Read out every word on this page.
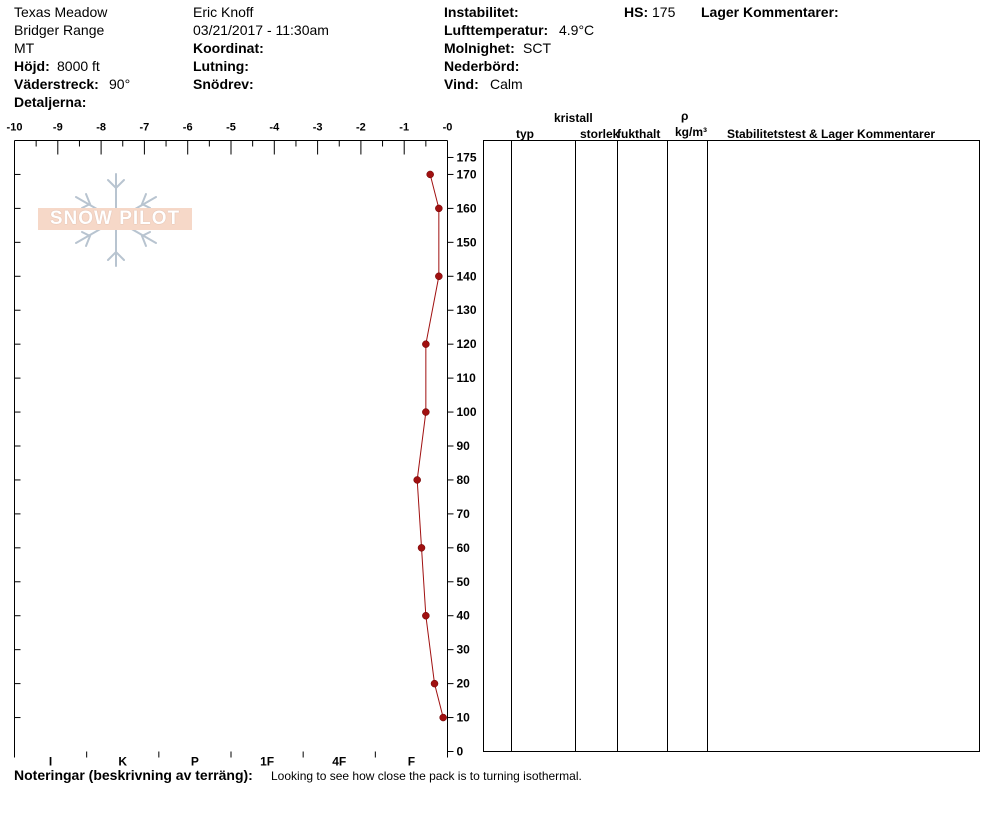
Texas Meadow
Bridger Range
MT
Höjd: 8000 ft
Väderstreck: 90°
Detaljerna:
Eric Knoff
03/21/2017 - 11:30am
Koordinat:
Lutning:
Snödrev:
Instabilitet:
Lufttemperatur: 4.9°C
Molnighet: SCT
Nederbörd:
Vind: Calm
HS: 175 Lager Kommentarer:
SNOW PILOT
-10	-9	-8	-7	-6	-5	-4	-3	-2	-1	-0
175
170
160
150
140
130
120
110
100
90
80
70
60
50
40
30
20
10
0
I	K	P	1F	4F	F
kristall
typ	storlek
fukthalt
ρ
kg/m³ Stabilitetstest & Lager Kommentarer
Noteringar (beskrivning av terräng): Looking to see how close the pack is to turning isothermal.
